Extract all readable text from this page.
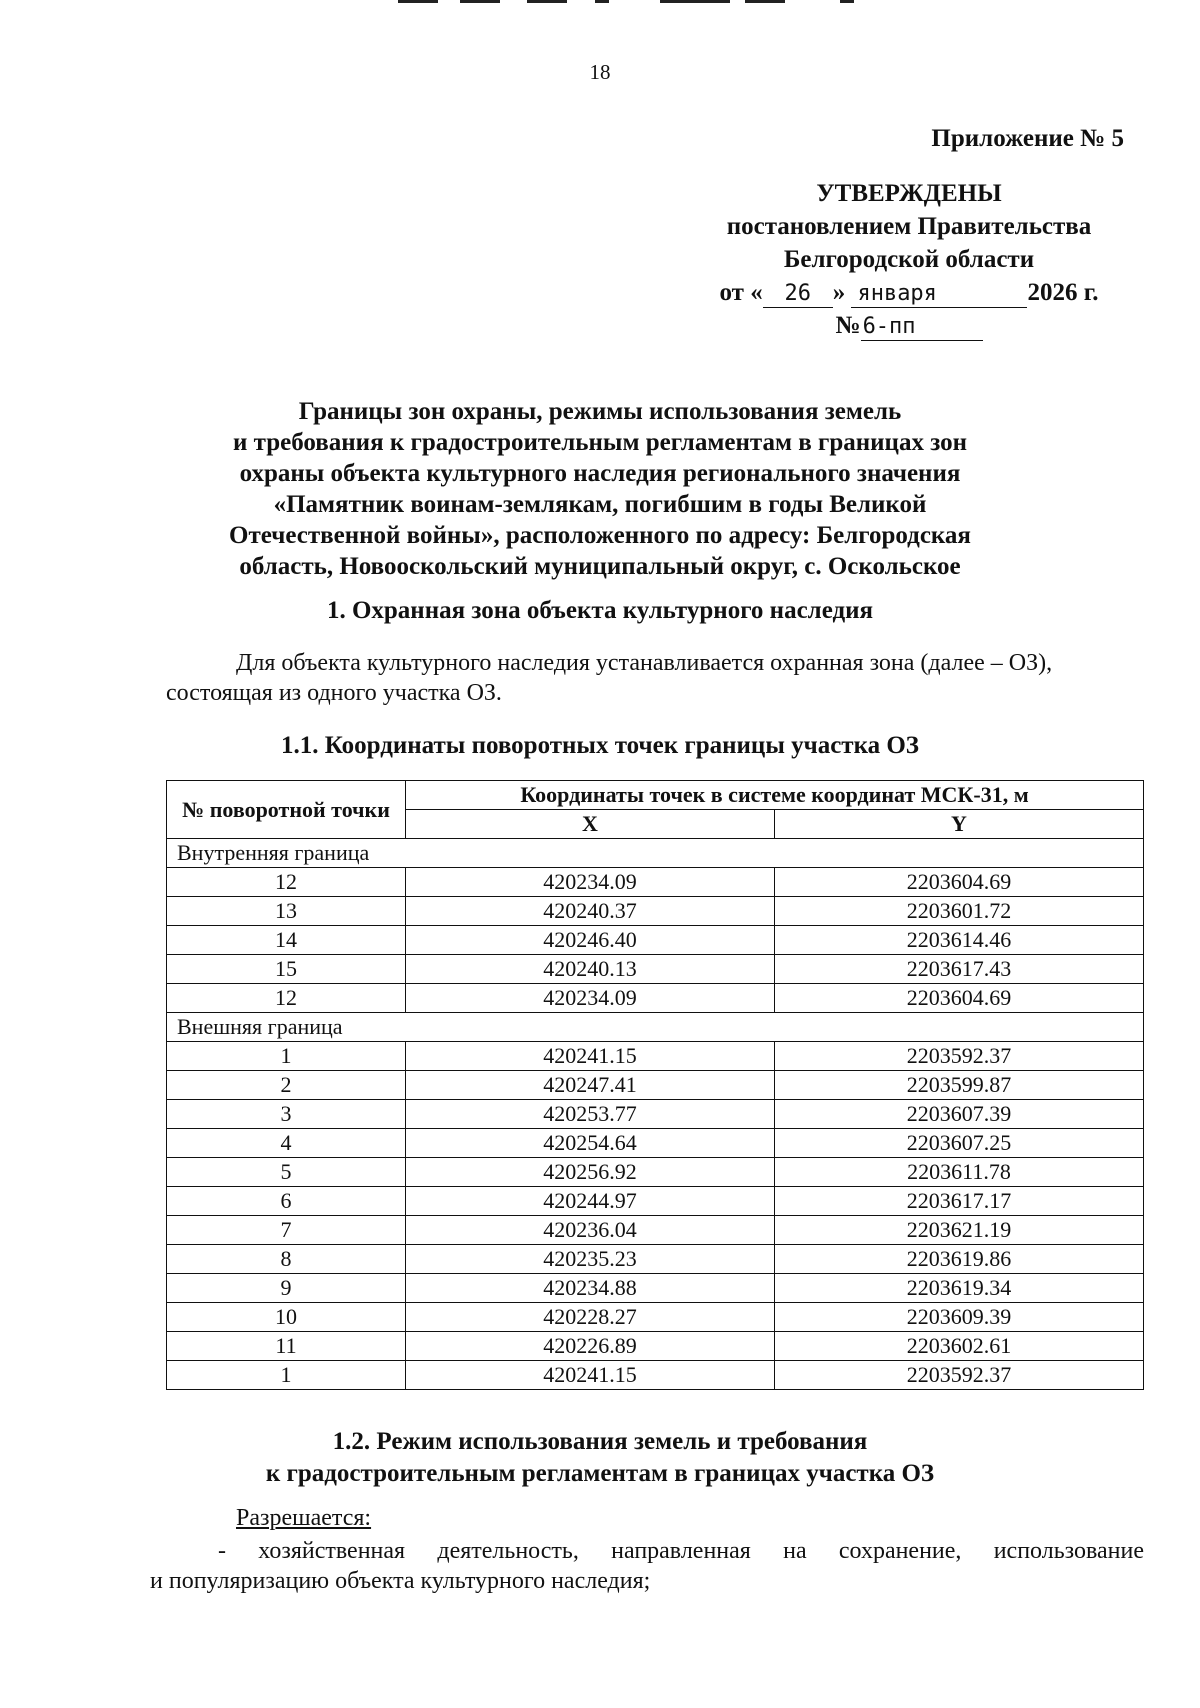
18
Приложение № 5
УТВЕРЖДЕНЫ
постановлением Правительства
Белгородской области
от « 26 » января	2026 г.
№6-пп
Границы зон охраны, режимы использования земель
и требования к градостроительным регламентам в границах зон
охраны объекта культурного наследия регионального значения
«Памятник воинам-землякам, погибшим в годы Великой
Отечественной войны», расположенного по адресу: Белгородская
область, Новооскольский муниципальный округ, с. Оскольское
1. Охранная зона объекта культурного наследия
Для объекта культурного наследия устанавливается охранная зона (далее – ОЗ),
состоящая из одного участка ОЗ.
1.1. Координаты поворотных точек границы участка ОЗ
№ поворотной точки	Координаты точек в системе координат МСК-31, м	
	X	Y
Внутренняя граница		
12	420234.09	2203604.69
13	420240.37	2203601.72
14	420246.40	2203614.46
15	420240.13	2203617.43
12	420234.09	2203604.69
Внешняя граница		
1	420241.15	2203592.37
2	420247.41	2203599.87
3	420253.77	2203607.39
4	420254.64	2203607.25
5	420256.92	2203611.78
6	420244.97	2203617.17
7	420236.04	2203621.19
8	420235.23	2203619.86
9	420234.88	2203619.34
10	420228.27	2203609.39
11	420226.89	2203602.61
1	420241.15	2203592.37
1.2. Режим использования земель и требования
к градостроительным регламентам в границах участка ОЗ
Разрешается:
- хозяйственная деятельность, направленная на сохранение, использование
и популяризацию объекта культурного наследия;
